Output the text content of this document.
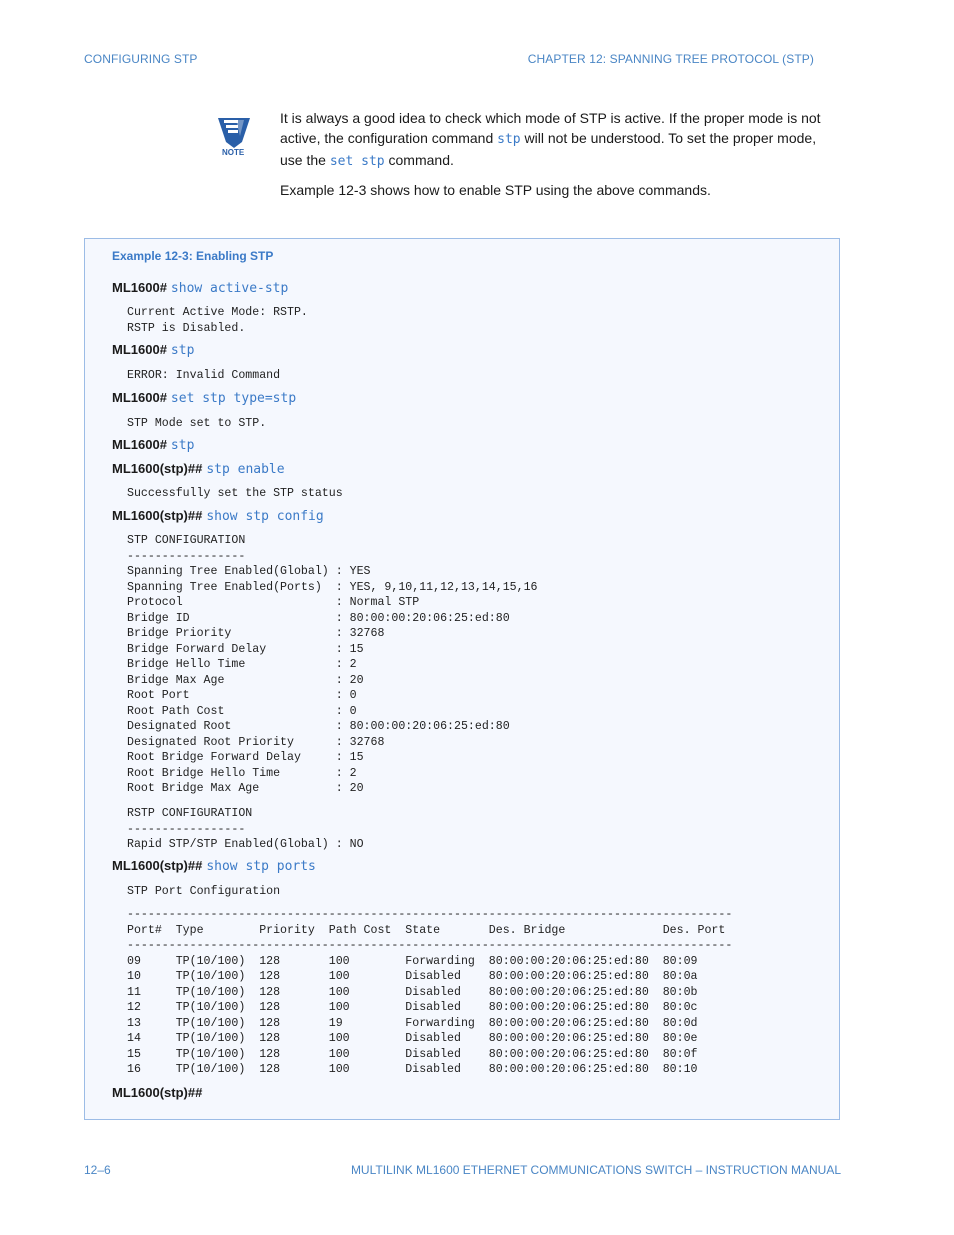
CONFIGURING STP	CHAPTER 12: SPANNING TREE PROTOCOL (STP)
NOTE

It is always a good idea to check which mode of STP is active. If the proper mode is not active, the configuration command stp will not be understood. To set the proper mode, use the set stp command.

Example 12-3 shows how to enable STP using the above commands.

Example 12-3: Enabling STP
ML1600# show active-stp
Current Active Mode: RSTP.
RSTP is Disabled.
ML1600# stp
ERROR: Invalid Command
ML1600# set stp type=stp
STP Mode set to STP.
ML1600# stp
ML1600(stp)## stp enable
Successfully set the STP status
ML1600(stp)## show stp config
STP CONFIGURATION
-----------------
Spanning Tree Enabled(Global) : YES
Spanning Tree Enabled(Ports)  : YES, 9,10,11,12,13,14,15,16
Protocol                      : Normal STP
Bridge ID                     : 80:00:00:20:06:25:ed:80
Bridge Priority               : 32768
Bridge Forward Delay          : 15
Bridge Hello Time             : 2
Bridge Max Age                : 20
Root Port                     : 0
Root Path Cost                : 0
Designated Root               : 80:00:00:20:06:25:ed:80
Designated Root Priority      : 32768
Root Bridge Forward Delay     : 15
Root Bridge Hello Time        : 2
Root Bridge Max Age           : 20
RSTP CONFIGURATION
-----------------
Rapid STP/STP Enabled(Global) : NO
ML1600(stp)## show stp ports
STP Port Configuration
---------------------------------------------------------------------------------------
Port#  Type        Priority  Path Cost  State       Des. Bridge              Des. Port
---------------------------------------------------------------------------------------
09     TP(10/100)  128       100        Forwarding  80:00:00:20:06:25:ed:80  80:09
10     TP(10/100)  128       100        Disabled    80:00:00:20:06:25:ed:80  80:0a
11     TP(10/100)  128       100        Disabled    80:00:00:20:06:25:ed:80  80:0b
12     TP(10/100)  128       100        Disabled    80:00:00:20:06:25:ed:80  80:0c
13     TP(10/100)  128       19         Forwarding  80:00:00:20:06:25:ed:80  80:0d
14     TP(10/100)  128       100        Disabled    80:00:00:20:06:25:ed:80  80:0e
15     TP(10/100)  128       100        Disabled    80:00:00:20:06:25:ed:80  80:0f
16     TP(10/100)  128       100        Disabled    80:00:00:20:06:25:ed:80  80:10
ML1600(stp)##
12–6	MULTILINK ML1600 ETHERNET COMMUNICATIONS SWITCH – INSTRUCTION MANUAL
